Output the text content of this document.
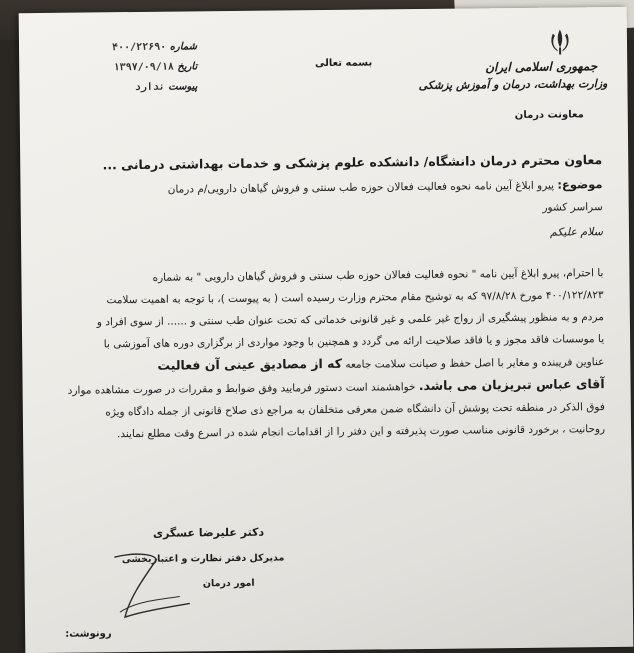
جمهوری اسلامی ایران
وزارت بهداشت، درمان و آموزش پزشکی
معاونت درمان
بسمه تعالی
شماره ۴۰۰/۲۲۶۹۰
تاریخ ۱۳۹۷/۰۹/۱۸
پیوست ندارد
معاون محترم درمان دانشگاه/ دانشکده علوم پزشکی و خدمات بهداشتی درمانی ...
موضوع: پیرو ابلاغ آیین نامه نحوه فعالیت فعالان حوزه طب سنتی و فروش گیاهان دارویی/م درمان
سراسر کشور
سلام علیکم
با احترام، پیرو ابلاغ آیین نامه " نحوه فعالیت فعالان حوزه طب سنتی و فروش گیاهان دارویی " به شماره
۴۰۰/۱۲۲/۸۲۳ مورخ ۹۷/۸/۲۸ که به توشیح مقام محترم وزارت رسیده است ( به پیوست )، با توجه به اهمیت سلامت
مردم و به منظور پیشگیری از رواج غیر علمی و غیر قانونی خدماتی که تحت عنوان طب سنتی و ...... از سوی افراد و
یا موسسات فاقد مجوز و یا فاقد صلاحیت ارائه می گردد و همچنین با وجود مواردی از برگزاری دوره های آموزشی با
عناوین فریبنده و مغایر با اصل حفظ و صیانت سلامت جامعه که از مصادیق عینی آن فعالیت
آقای عباس تبریزیان می باشد. خواهشمند است دستور فرمایید وفق ضوابط و مقررات در صورت مشاهده موارد
فوق الذکر در منطقه تحت پوشش آن دانشگاه ضمن معرفی متخلفان به مراجع ذی صلاح قانونی از جمله دادگاه ویژه
روحانیت ، برخورد قانونی مناسب صورت پذیرفته و این دفتر را از اقدامات انجام شده در اسرع وقت مطلع نمایند.
دکتر علیرضا عسگری
مدیرکل دفتر نظارت و اعتباربخشی
امور درمان
رونوشت:
